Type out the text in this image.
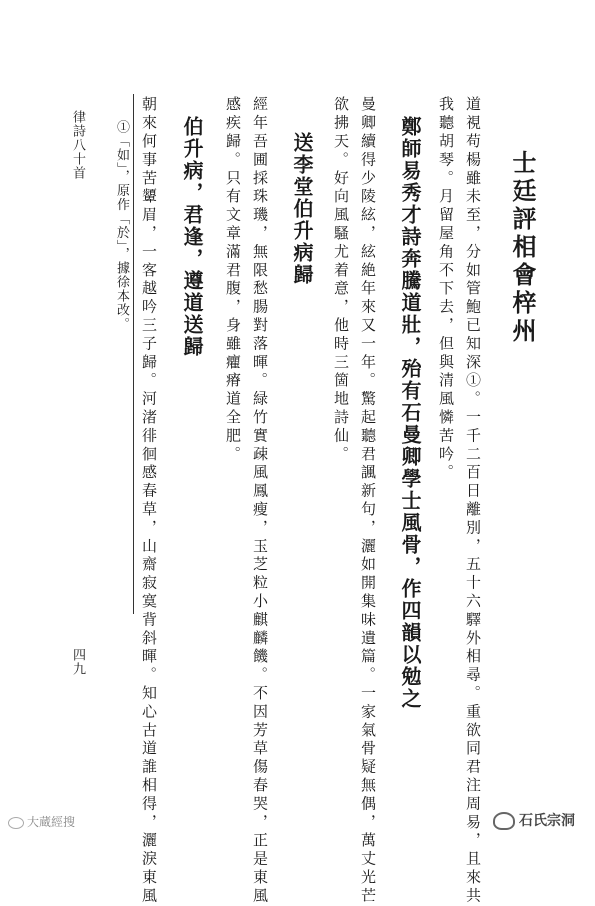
士廷評相會梓州
道視苟楊雖未至，分如管鮑已知深①。一千二百日離別，五十六驛外相尋。重欲同君注周易，且來共
我聽胡琴。月留屋角不下去，但與清風憐苦吟。
鄭師易秀才詩奔騰道壯，殆有石曼卿學士風骨，作四韻以勉之
曼卿續得少陵絃，絃絶年來又一年。驚起聽君諷新句，灑如開集味遺篇。一家氣骨疑無偶，萬丈光芒
欲拂天。好向風騷尤着意，他時三箇地詩仙。
送李堂伯升病歸
經年吾圃採珠璣，無限愁腸對落暉。緑竹實疎風鳳瘦，玉芝粒小麒麟饑。不因芳草傷春哭，正是東風
感疾歸。只有文章滿君腹，身雖癯瘠道全肥。
伯升病，君逢，遵道送歸
朝來何事苦顰眉，一客越吟三子歸。河渚徘徊感春草，山齋寂寞背斜暉。知心古道誰相得，灑淚東風
①「如」，原作「於」，據徐本改。
律詩八十首
四九
大蔵經搜	石氏宗洞
